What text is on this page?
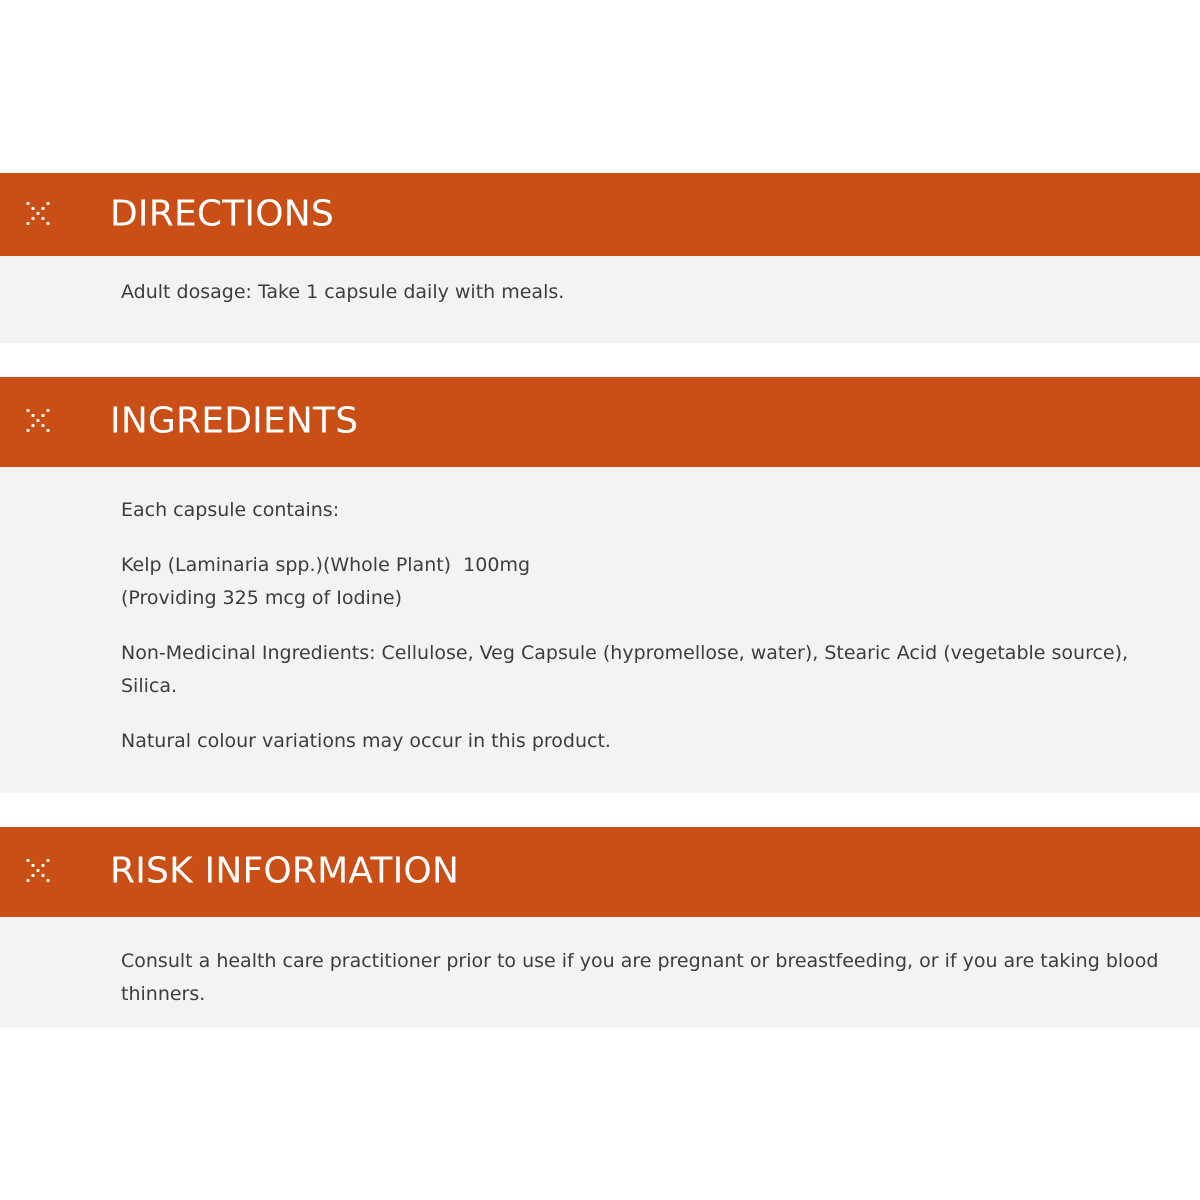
DIRECTIONS

Adult dosage: Take 1 capsule daily with meals.

INGREDIENTS

Each capsule contains:

Kelp (Laminaria spp.)(Whole Plant)  100mg
(Providing 325 mcg of Iodine)

Non-Medicinal Ingredients: Cellulose, Veg Capsule (hypromellose, water), Stearic Acid (vegetable source),
Silica.

Natural colour variations may occur in this product.

RISK INFORMATION

Consult a health care practitioner prior to use if you are pregnant or breastfeeding, or if you are taking blood
thinners.
